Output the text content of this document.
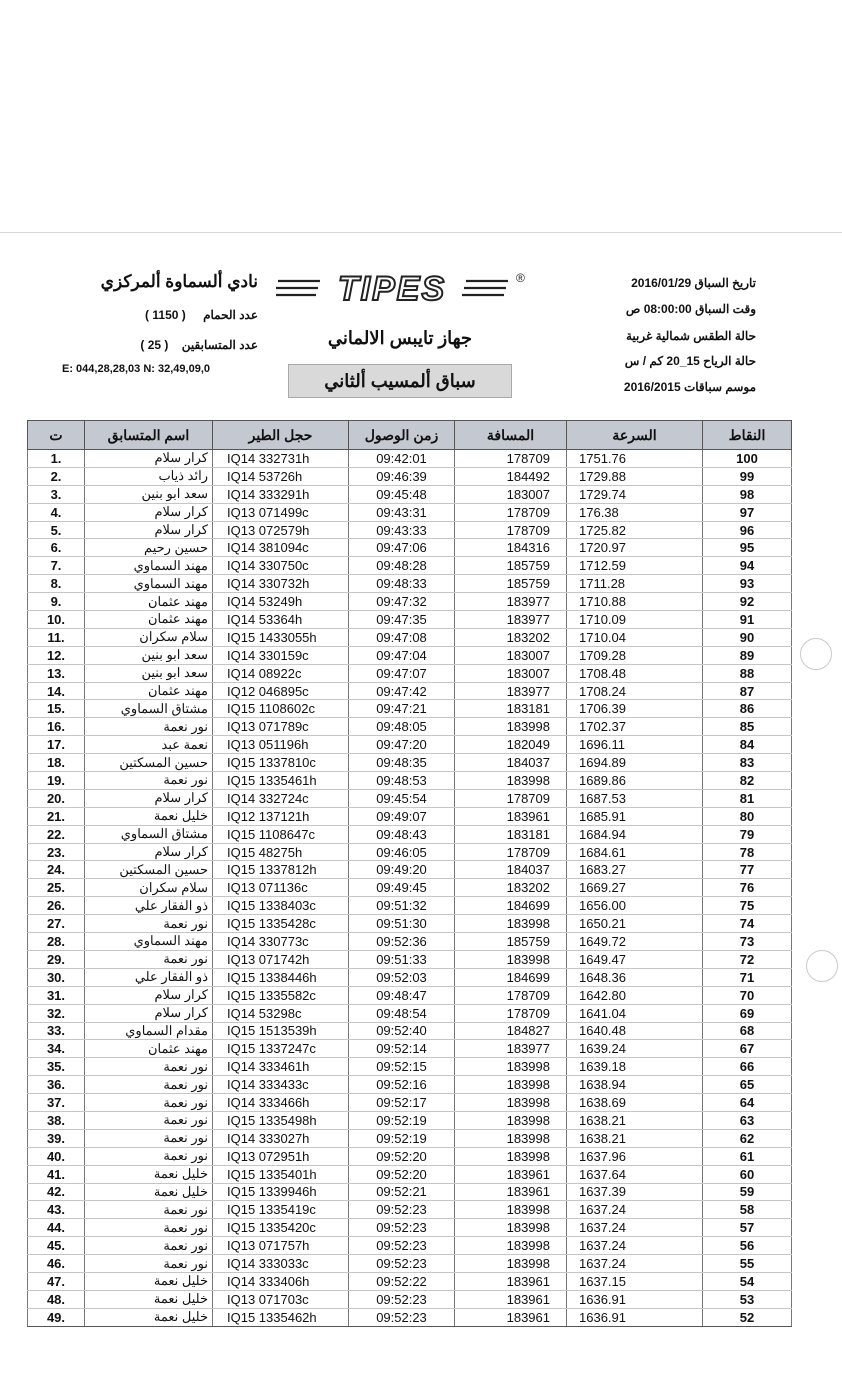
نادي ألسماوة ألمركزي
عدد الحمام ( 1150 )
عدد المتسابقين ( 25 )
E: 044,28,28,03 N: 32,49,09,0
TIPES	®
جهاز تايبس الالماني
سباق ألمسيب ألثاني
تاريخ السباق 2016/01/29
وقت السباق 08:00:00 ص
حالة الطقس شمالية غربية
حالة الرياح 15_20 كم / س
موسم سباقات 2016/2015
ت	اسم المتسابق	حجل الطير	زمن الوصول	المسافة	السرعة	النقاط
1.	كرار سلام	IQ14 332731h	09:42:01	178709	1751.76	100
2.	رائد ذياب	IQ14 53726h	09:46:39	184492	1729.88	99
3.	سعد ابو بنين	IQ14 333291h	09:45:48	183007	1729.74	98
4.	كرار سلام	IQ13 071499c	09:43:31	178709	176.38	97
5.	كرار سلام	IQ13 072579h	09:43:33	178709	1725.82	96
6.	حسين رحيم	IQ14 381094c	09:47:06	184316	1720.97	95
7.	مهند السماوي	IQ14 330750c	09:48:28	185759	1712.59	94
8.	مهند السماوي	IQ14 330732h	09:48:33	185759	1711.28	93
9.	مهند عثمان	IQ14 53249h	09:47:32	183977	1710.88	92
10.	مهند عثمان	IQ14 53364h	09:47:35	183977	1710.09	91
11.	سلام سكران	IQ15 1433055h	09:47:08	183202	1710.04	90
12.	سعد ابو بنين	IQ14 330159c	09:47:04	183007	1709.28	89
13.	سعد ابو بنين	IQ14 08922c	09:47:07	183007	1708.48	88
14.	مهند عثمان	IQ12 046895c	09:47:42	183977	1708.24	87
15.	مشتاق السماوي	IQ15 1108602c	09:47:21	183181	1706.39	86
16.	نور نعمة	IQ13 071789c	09:48:05	183998	1702.37	85
17.	نعمة عبد	IQ13 051196h	09:47:20	182049	1696.11	84
18.	حسين المسكتين	IQ15 1337810c	09:48:35	184037	1694.89	83
19.	نور نعمة	IQ15 1335461h	09:48:53	183998	1689.86	82
20.	كرار سلام	IQ14 332724c	09:45:54	178709	1687.53	81
21.	خليل نعمة	IQ12 137121h	09:49:07	183961	1685.91	80
22.	مشتاق السماوي	IQ15 1108647c	09:48:43	183181	1684.94	79
23.	كرار سلام	IQ15 48275h	09:46:05	178709	1684.61	78
24.	حسين المسكتين	IQ15 1337812h	09:49:20	184037	1683.27	77
25.	سلام سكران	IQ13 071136c	09:49:45	183202	1669.27	76
26.	ذو الفقار علي	IQ15 1338403c	09:51:32	184699	1656.00	75
27.	نور نعمة	IQ15 1335428c	09:51:30	183998	1650.21	74
28.	مهند السماوي	IQ14 330773c	09:52:36	185759	1649.72	73
29.	نور نعمة	IQ13 071742h	09:51:33	183998	1649.47	72
30.	ذو الفقار علي	IQ15 1338446h	09:52:03	184699	1648.36	71
31.	كرار سلام	IQ15 1335582c	09:48:47	178709	1642.80	70
32.	كرار سلام	IQ14 53298c	09:48:54	178709	1641.04	69
33.	مقدام السماوي	IQ15 1513539h	09:52:40	184827	1640.48	68
34.	مهند عثمان	IQ15 1337247c	09:52:14	183977	1639.24	67
35.	نور نعمة	IQ14 333461h	09:52:15	183998	1639.18	66
36.	نور نعمة	IQ14 333433c	09:52:16	183998	1638.94	65
37.	نور نعمة	IQ14 333466h	09:52:17	183998	1638.69	64
38.	نور نعمة	IQ15 1335498h	09:52:19	183998	1638.21	63
39.	نور نعمة	IQ14 333027h	09:52:19	183998	1638.21	62
40.	نور نعمة	IQ13 072951h	09:52:20	183998	1637.96	61
41.	خليل نعمة	IQ15 1335401h	09:52:20	183961	1637.64	60
42.	خليل نعمة	IQ15 1339946h	09:52:21	183961	1637.39	59
43.	نور نعمة	IQ15 1335419c	09:52:23	183998	1637.24	58
44.	نور نعمة	IQ15 1335420c	09:52:23	183998	1637.24	57
45.	نور نعمة	IQ13 071757h	09:52:23	183998	1637.24	56
46.	نور نعمة	IQ14 333033c	09:52:23	183998	1637.24	55
47.	خليل نعمة	IQ14 333406h	09:52:22	183961	1637.15	54
48.	خليل نعمة	IQ13 071703c	09:52:23	183961	1636.91	53
49.	خليل نعمة	IQ15 1335462h	09:52:23	183961	1636.91	52
